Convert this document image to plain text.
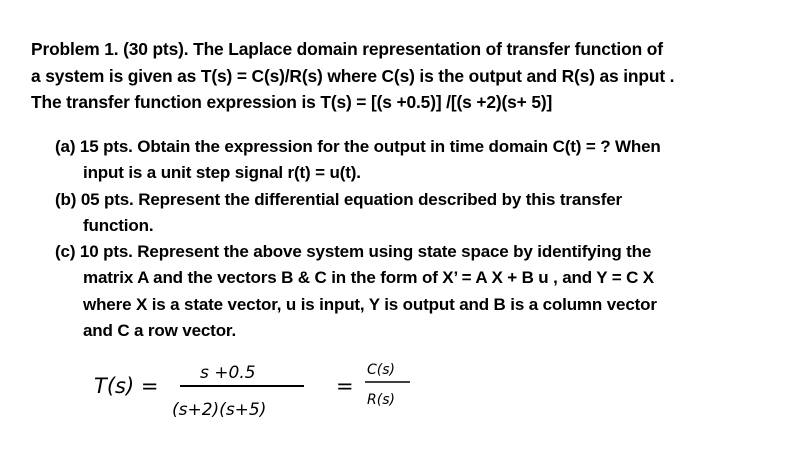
Problem 1. (30 pts). The Laplace domain representation of transfer function of
a system is given as T(s) = C(s)/R(s) where C(s) is the output and R(s) as input .
The transfer function expression is T(s) = [(s +0.5)] /[(s +2)(s+ 5)]
(a) 15 pts. Obtain the expression for the output in time domain C(t) = ? When
input is a unit step signal r(t) = u(t).
(b) 05 pts. Represent the differential equation described by this transfer
function.
(c) 10 pts. Represent the above system using state space by identifying the
matrix A and the vectors B & C in the form of X’ = A X + B u , and Y = C X
where X is a state vector, u is input, Y is output and B is a column vector
and C a row vector.
T(s) =
s +0.5
(s+2)(s+5)
=
C(s)
R(s)
